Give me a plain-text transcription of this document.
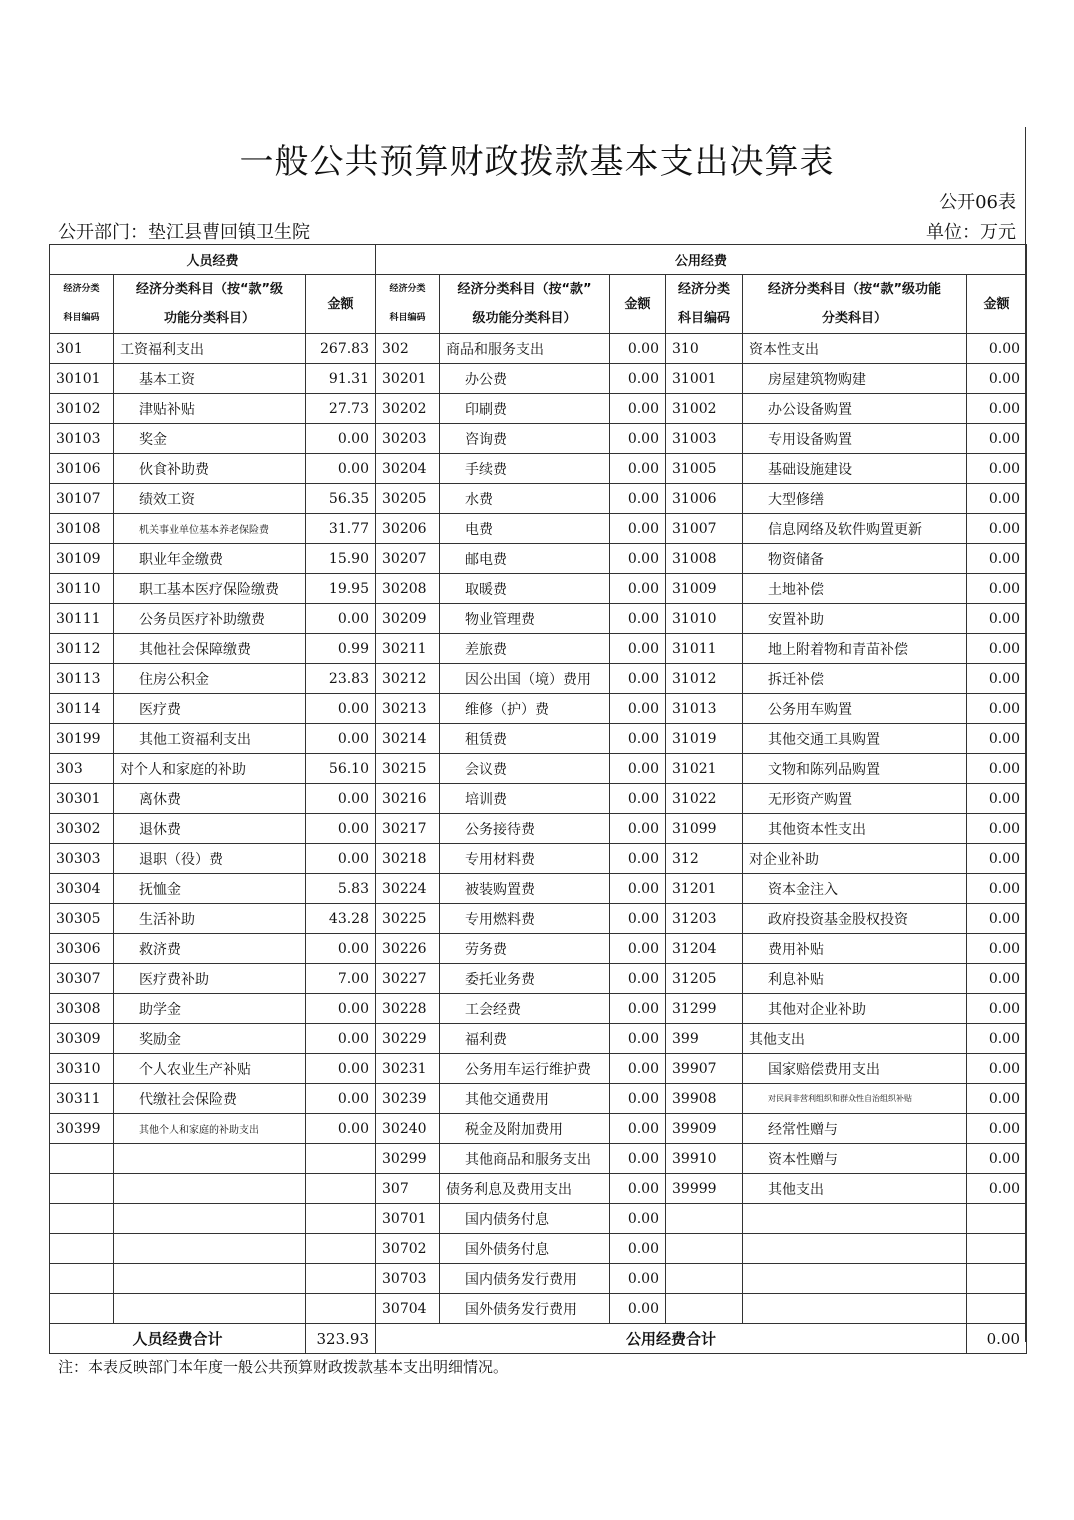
一般公共预算财政拨款基本支出决算表
公开06表
公开部门：垫江县曹回镇卫生院	单位：万元
人员经费			公用经费					
经济分类
科目编码	经济分类科目（按“款”级
功能分类科目）	金额	经济分类
科目编码	经济分类科目（按“款”
级功能分类科目）	金额	经济分类
科目编码	经济分类科目（按“款”级功能
分类科目）	金额
301	工资福利支出	267.83	302	商品和服务支出	0.00	310	资本性支出	0.00
30101	基本工资	91.31	30201	办公费	0.00	31001	房屋建筑物购建	0.00
30102	津贴补贴	27.73	30202	印刷费	0.00	31002	办公设备购置	0.00
30103	奖金	0.00	30203	咨询费	0.00	31003	专用设备购置	0.00
30106	伙食补助费	0.00	30204	手续费	0.00	31005	基础设施建设	0.00
30107	绩效工资	56.35	30205	水费	0.00	31006	大型修缮	0.00
30108	机关事业单位基本养老保险费	31.77	30206	电费	0.00	31007	信息网络及软件购置更新	0.00
30109	职业年金缴费	15.90	30207	邮电费	0.00	31008	物资储备	0.00
30110	职工基本医疗保险缴费	19.95	30208	取暖费	0.00	31009	土地补偿	0.00
30111	公务员医疗补助缴费	0.00	30209	物业管理费	0.00	31010	安置补助	0.00
30112	其他社会保障缴费	0.99	30211	差旅费	0.00	31011	地上附着物和青苗补偿	0.00
30113	住房公积金	23.83	30212	因公出国（境）费用	0.00	31012	拆迁补偿	0.00
30114	医疗费	0.00	30213	维修（护）费	0.00	31013	公务用车购置	0.00
30199	其他工资福利支出	0.00	30214	租赁费	0.00	31019	其他交通工具购置	0.00
303	对个人和家庭的补助	56.10	30215	会议费	0.00	31021	文物和陈列品购置	0.00
30301	离休费	0.00	30216	培训费	0.00	31022	无形资产购置	0.00
30302	退休费	0.00	30217	公务接待费	0.00	31099	其他资本性支出	0.00
30303	退职（役）费	0.00	30218	专用材料费	0.00	312	对企业补助	0.00
30304	抚恤金	5.83	30224	被装购置费	0.00	31201	资本金注入	0.00
30305	生活补助	43.28	30225	专用燃料费	0.00	31203	政府投资基金股权投资	0.00
30306	救济费	0.00	30226	劳务费	0.00	31204	费用补贴	0.00
30307	医疗费补助	7.00	30227	委托业务费	0.00	31205	利息补贴	0.00
30308	助学金	0.00	30228	工会经费	0.00	31299	其他对企业补助	0.00
30309	奖励金	0.00	30229	福利费	0.00	399	其他支出	0.00
30310	个人农业生产补贴	0.00	30231	公务用车运行维护费	0.00	39907	国家赔偿费用支出	0.00
30311	代缴社会保险费	0.00	30239	其他交通费用	0.00	39908	对民间非营利组织和群众性自治组织补贴	0.00
30399	其他个人和家庭的补助支出	0.00	30240	税金及附加费用	0.00	39909	经常性赠与	0.00
			30299	其他商品和服务支出	0.00	39910	资本性赠与	0.00
			307	债务利息及费用支出	0.00	39999	其他支出	0.00
			30701	国内债务付息	0.00			
			30702	国外债务付息	0.00			
			30703	国内债务发行费用	0.00			
			30704	国外债务发行费用	0.00			
人员经费合计		323.93	公用经费合计					0.00
注：本表反映部门本年度一般公共预算财政拨款基本支出明细情况。
